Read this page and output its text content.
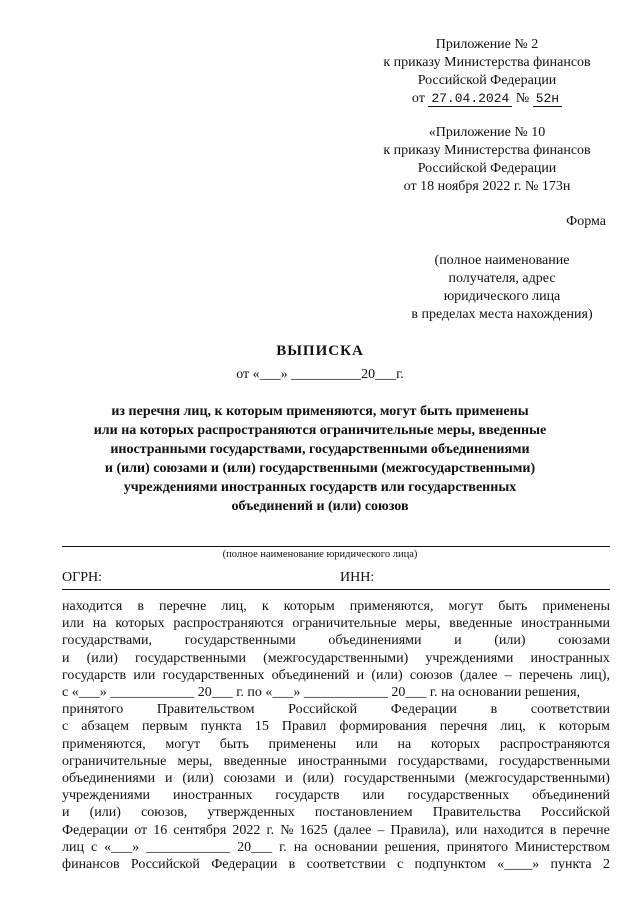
Приложение № 2
к приказу Министерства финансов
Российской Федерации
от 27.04.2024 № 52н
«Приложение № 10
к приказу Министерства финансов
Российской Федерации
от 18 ноября 2022 г. № 173н
Форма
(полное наименование
получателя, адрес
юридического лица
в пределах места нахождения)
ВЫПИСКА
от «___» __________20___г.
из перечня лиц, к которым применяются, могут быть применены
или на которых распространяются ограничительные меры, введенные
иностранными государствами, государственными объединениями
и (или) союзами и (или) государственными (межгосударственными)
учреждениями иностранных государств или государственных
объединений и (или) союзов
(полное наименование юридического лица)
ОГРН:	ИНН:
находится в перечне лиц, к которым применяются, могут быть применены
или на которых распространяются ограничительные меры, введенные иностранными
государствами, государственными объединениями и (или) союзами
и (или) государственными (межгосударственными) учреждениями иностранных
государств или государственных объединений и (или) союзов (далее – перечень лиц),
с «___» ____________ 20___ г. по «___» ____________ 20___ г. на основании решения,
принятого Правительством Российской Федерации в соответствии
с абзацем первым пункта 15 Правил формирования перечня лиц, к которым
применяются, могут быть применены или на которых распространяются
ограничительные меры, введенные иностранными государствами, государственными
объединениями и (или) союзами и (или) государственными (межгосударственными)
учреждениями иностранных государств или государственных объединений
и (или) союзов, утвержденных постановлением Правительства Российской
Федерации от 16 сентября 2022 г. № 1625 (далее – Правила), или находится в перечне
лиц с «___» ____________ 20___ г. на основании решения, принятого Министерством
финансов Российской Федерации в соответствии с подпунктом «____» пункта 2
